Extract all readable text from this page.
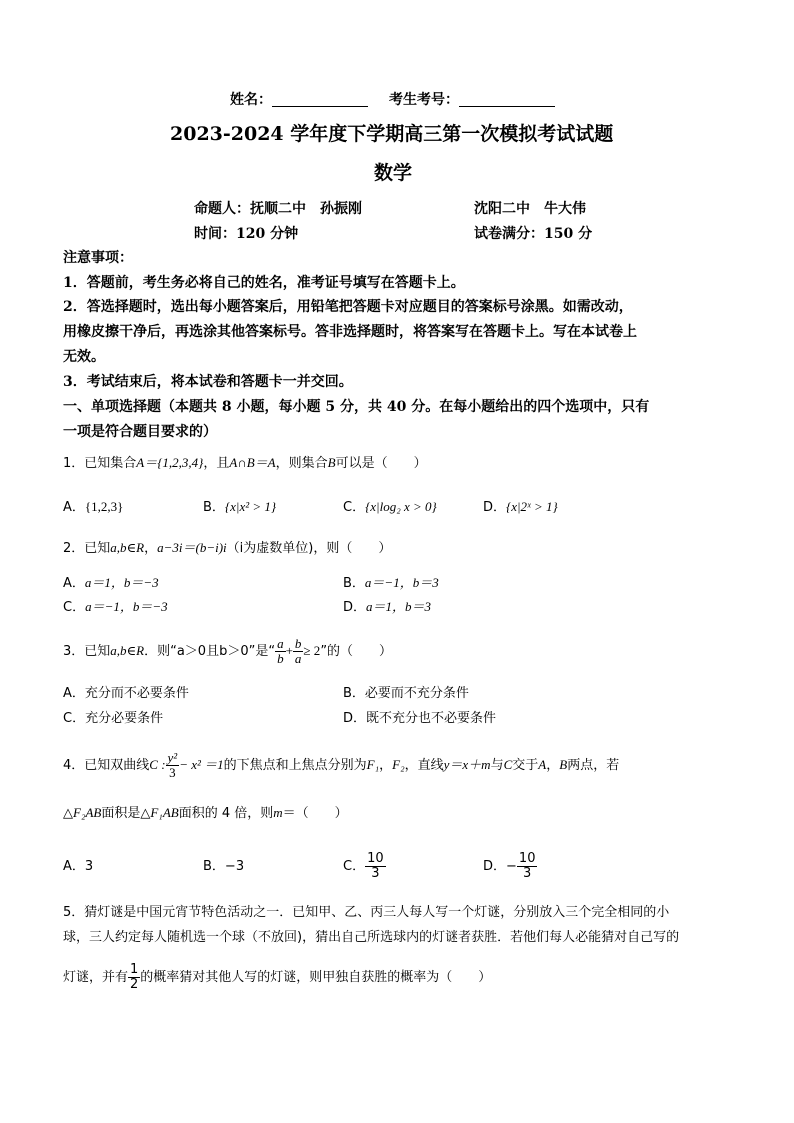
姓名：	考生考号：
2023-2024 学年度下学期高三第一次模拟考试试题
数学
命题人：抚顺二中　孙振刚	沈阳二中　牛大伟
时间：120 分钟	试卷满分：150 分
注意事项：
1．答题前，考生务必将自己的姓名，准考证号填写在答题卡上。
2．答选择题时，选出每小题答案后，用铅笔把答题卡对应题目的答案标号涂黑。如需改动，
用橡皮擦干净后，再选涂其他答案标号。答非选择题时，将答案写在答题卡上。写在本试卷上
无效。
3．考试结束后，将本试卷和答题卡一并交回。
一、单项选择题（本题共 8 小题，每小题 5 分，共 40 分。在每小题给出的四个选项中，只有
一项是符合题目要求的）
1．已知集合A＝{1,2,3,4}，且A∩B＝A，则集合B可以是（　　）
A．{1,2,3}	B．{x|x² > 1}	C．{x|log₂ x > 0}	D．{x|2ˣ > 1}
2．已知a,b∈R，a−3i＝(b−i)i（i为虚数单位)，则（　　）
A．a＝1，b＝−3	B．a＝−1，b＝3
C．a＝−1，b＝−3	D．a＝1，b＝3
3．已知a,b∈R．则“a＞0且b＞0”是“ $\frac{a}{b} + \frac{b}{a} \ge 2$”的（　　）
A．充分而不必要条件	B．必要而不充分条件
C．充分必要条件	D．既不充分也不必要条件
4．已知双曲线C : $\frac{\text{y²}}{3} - x^2 =1$的下焦点和上焦点分别为F₁，F₂，直线y＝x＋m与C交于A，B两点，若
△F₂AB面积是△F₁AB面积的 4 倍，则m＝（　　）
A．3	B．−3	C． $\frac{10}{3}$	D．− $\frac{10}{3}$
5．猜灯谜是中国元宵节特色活动之一．已知甲、乙、丙三人每人写一个灯谜，分别放入三个完全相同的小
球，三人约定每人随机选一个球（不放回)，猜出自己所选球内的灯谜者获胜．若他们每人必能猜对自己写的
灯谜，并有 $\frac{1}{2}$ 的概率猜对其他人写的灯谜，则甲独自获胜的概率为（　　）
